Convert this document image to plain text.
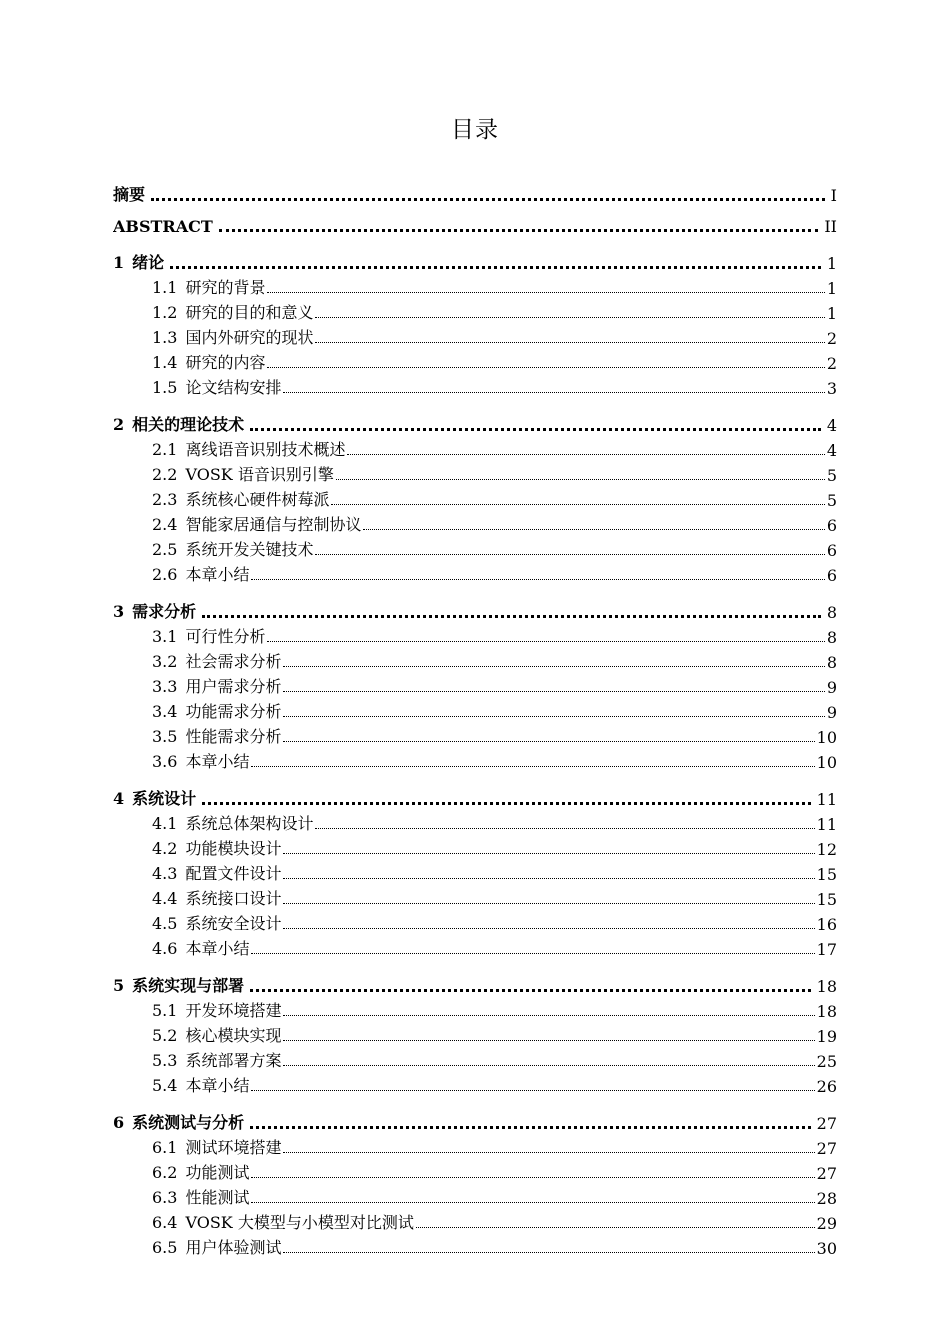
目录
摘要	I
ABSTRACT	II
1 绪论	1
1.1 研究的背景	1
1.2 研究的目的和意义	1
1.3 国内外研究的现状	2
1.4 研究的内容	2
1.5 论文结构安排	3
2 相关的理论技术	4
2.1 离线语音识别技术概述	4
2.2 VOSK 语音识别引擎	5
2.3 系统核心硬件树莓派	5
2.4 智能家居通信与控制协议	6
2.5 系统开发关键技术	6
2.6 本章小结	6
3 需求分析	8
3.1 可行性分析	8
3.2 社会需求分析	8
3.3 用户需求分析	9
3.4 功能需求分析	9
3.5 性能需求分析	10
3.6 本章小结	10
4 系统设计	11
4.1 系统总体架构设计	11
4.2 功能模块设计	12
4.3 配置文件设计	15
4.4 系统接口设计	15
4.5 系统安全设计	16
4.6 本章小结	17
5 系统实现与部署	18
5.1 开发环境搭建	18
5.2 核心模块实现	19
5.3 系统部署方案	25
5.4 本章小结	26
6 系统测试与分析	27
6.1 测试环境搭建	27
6.2 功能测试	27
6.3 性能测试	28
6.4 VOSK 大模型与小模型对比测试	29
6.5 用户体验测试	30
